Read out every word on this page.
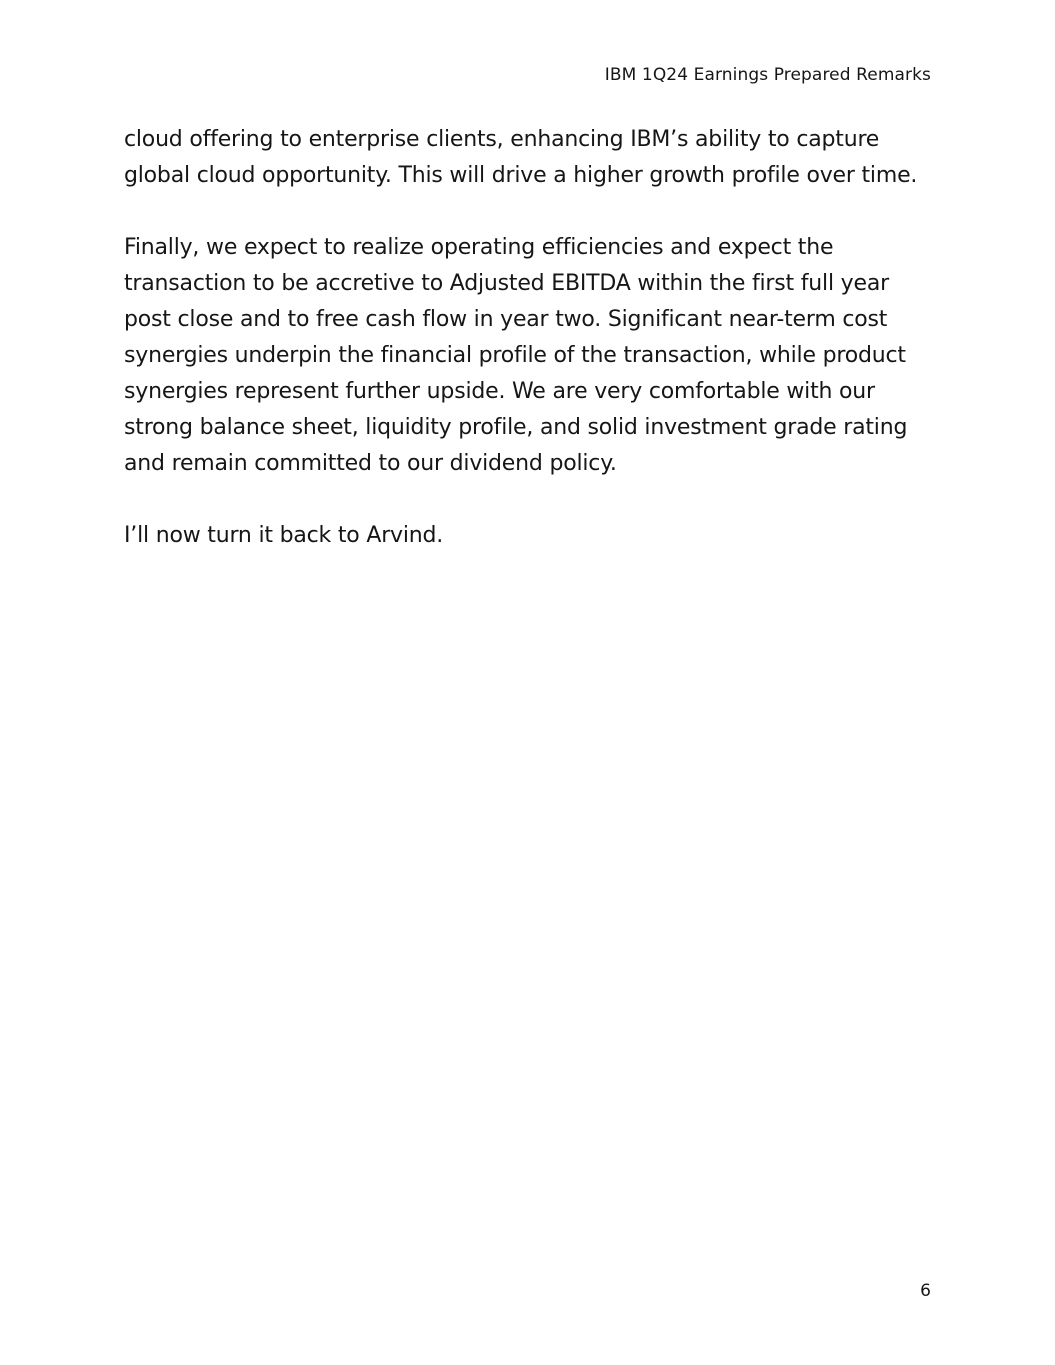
IBM 1Q24 Earnings Prepared Remarks

cloud offering to enterprise clients, enhancing IBM’s ability to capture global cloud opportunity. This will drive a higher growth profile over time.

Finally, we expect to realize operating efficiencies and expect the transaction to be accretive to Adjusted EBITDA within the first full year post close and to free cash flow in year two. Significant near-term cost synergies underpin the financial profile of the transaction, while product synergies represent further upside. We are very comfortable with our strong balance sheet, liquidity profile, and solid investment grade rating and remain committed to our dividend policy.

I’ll now turn it back to Arvind.

6
